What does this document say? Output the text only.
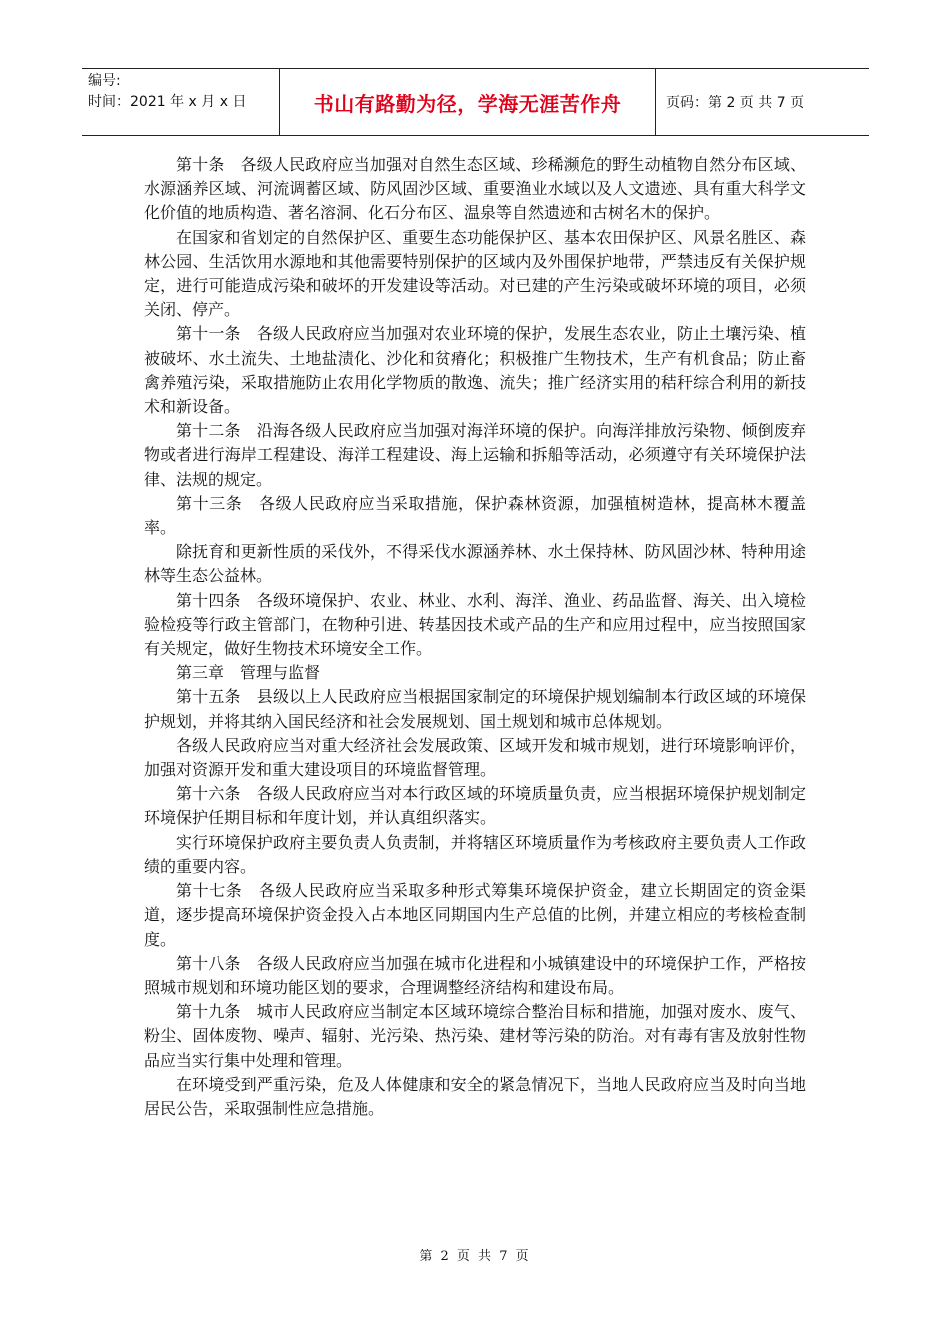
编号:
时间：2021 年 x 月 x 日	书山有路勤为径，学海无涯苦作舟	页码：第 2 页 共 7 页

第十条　各级人民政府应当加强对自然生态区域、珍稀濒危的野生动植物自然分布区域、水源涵养区域、河流调蓄区域、防风固沙区域、重要渔业水域以及人文遗迹、具有重大科学文化价值的地质构造、著名溶洞、化石分布区、温泉等自然遗迹和古树名木的保护。

在国家和省划定的自然保护区、重要生态功能保护区、基本农田保护区、风景名胜区、森林公园、生活饮用水源地和其他需要特别保护的区域内及外围保护地带，严禁违反有关保护规定，进行可能造成污染和破坏的开发建设等活动。对已建的产生污染或破坏环境的项目，必须关闭、停产。

第十一条　各级人民政府应当加强对农业环境的保护，发展生态农业，防止土壤污染、植被破坏、水土流失、土地盐渍化、沙化和贫瘠化；积极推广生物技术，生产有机食品；防止畜禽养殖污染，采取措施防止农用化学物质的散逸、流失；推广经济实用的秸秆综合利用的新技术和新设备。

第十二条　沿海各级人民政府应当加强对海洋环境的保护。向海洋排放污染物、倾倒废弃物或者进行海岸工程建设、海洋工程建设、海上运输和拆船等活动，必须遵守有关环境保护法律、法规的规定。

第十三条　各级人民政府应当采取措施，保护森林资源，加强植树造林，提高林木覆盖率。

除抚育和更新性质的采伐外，不得采伐水源涵养林、水土保持林、防风固沙林、特种用途林等生态公益林。

第十四条　各级环境保护、农业、林业、水利、海洋、渔业、药品监督、海关、出入境检验检疫等行政主管部门，在物种引进、转基因技术或产品的生产和应用过程中，应当按照国家有关规定，做好生物技术环境安全工作。

第三章　管理与监督

第十五条　县级以上人民政府应当根据国家制定的环境保护规划编制本行政区域的环境保护规划，并将其纳入国民经济和社会发展规划、国土规划和城市总体规划。

各级人民政府应当对重大经济社会发展政策、区域开发和城市规划，进行环境影响评价，加强对资源开发和重大建设项目的环境监督管理。

第十六条　各级人民政府应当对本行政区域的环境质量负责，应当根据环境保护规划制定环境保护任期目标和年度计划，并认真组织落实。

实行环境保护政府主要负责人负责制，并将辖区环境质量作为考核政府主要负责人工作政绩的重要内容。

第十七条　各级人民政府应当采取多种形式筹集环境保护资金，建立长期固定的资金渠道，逐步提高环境保护资金投入占本地区同期国内生产总值的比例，并建立相应的考核检查制度。

第十八条　各级人民政府应当加强在城市化进程和小城镇建设中的环境保护工作，严格按照城市规划和环境功能区划的要求，合理调整经济结构和建设布局。

第十九条　城市人民政府应当制定本区域环境综合整治目标和措施，加强对废水、废气、粉尘、固体废物、噪声、辐射、光污染、热污染、建材等污染的防治。对有毒有害及放射性物品应当实行集中处理和管理。

在环境受到严重污染，危及人体健康和安全的紧急情况下，当地人民政府应当及时向当地居民公告，采取强制性应急措施。

第 2 页 共 7 页
